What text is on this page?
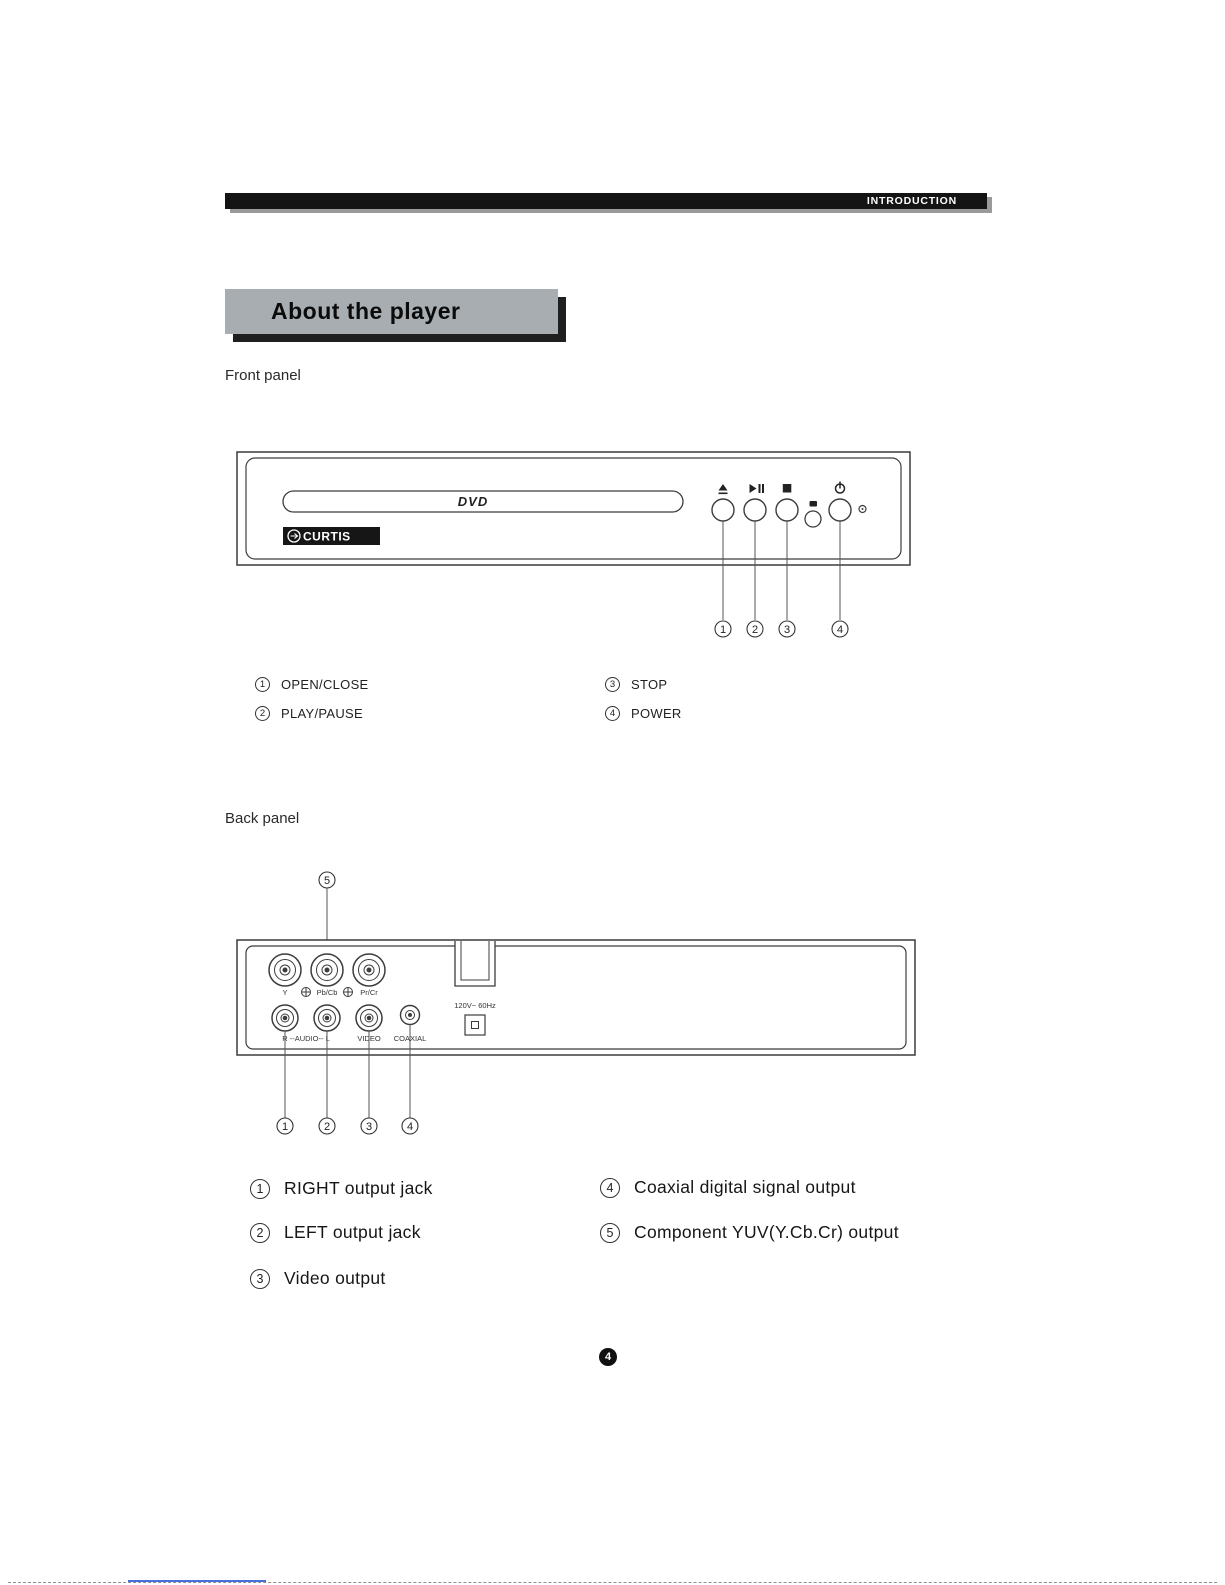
INTRODUCTION
About the player
Front panel
DVD
CURTIS
1 2 3	4
1	OPEN/CLOSE
2	PLAY/PAUSE
3	STOP
4	POWER
Back panel
5
Y	Pb/Cb	Pr/Cr
R --AUDIO-- L	VIDEO COAXIAL
120V~ 60Hz
1	2	3	4
1	RIGHT output jack
2	LEFT output jack
3	Video output
4	Coaxial digital signal output
5	Component YUV(Y.Cb.Cr) output
4
